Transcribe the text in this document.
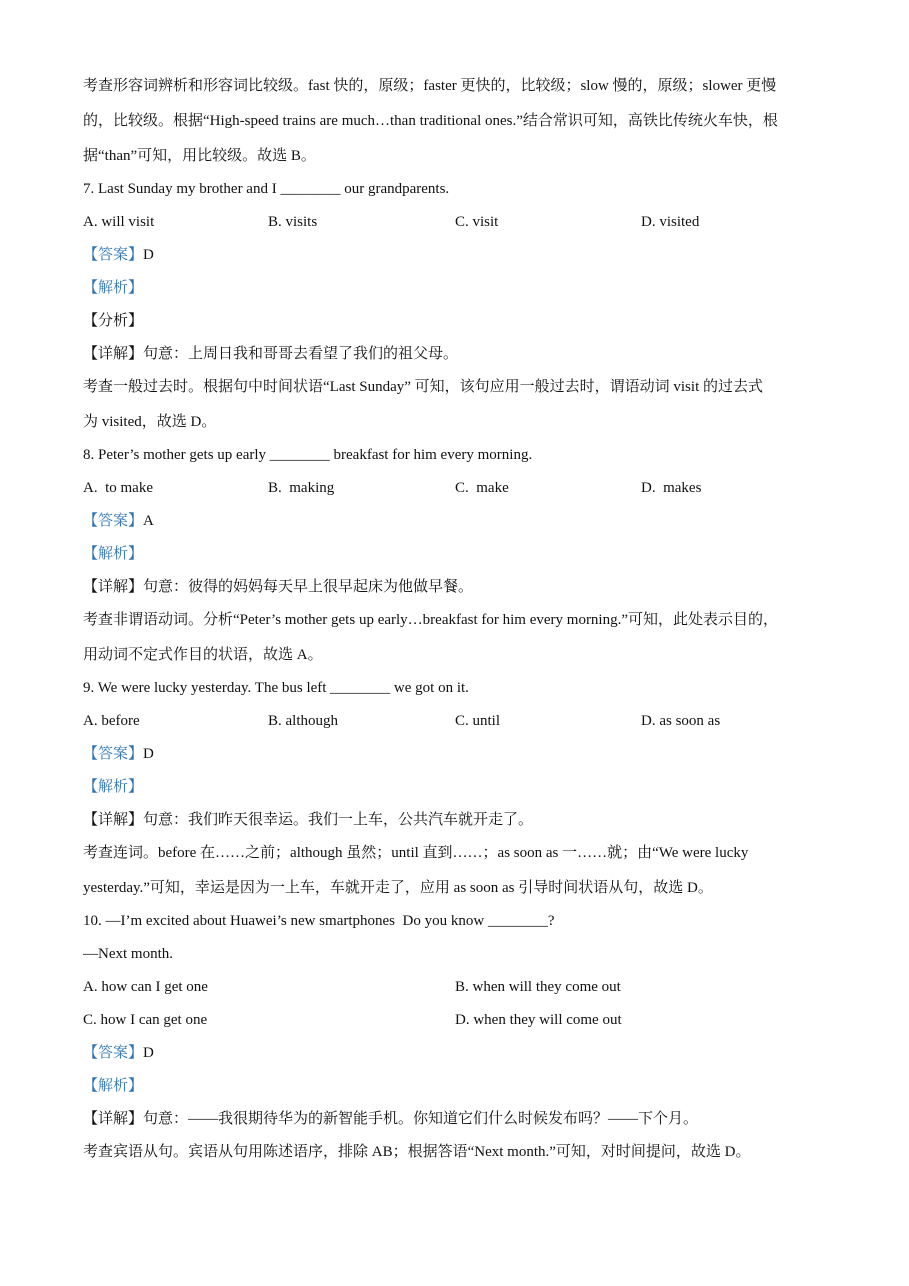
考查形容词辨析和形容词比较级。fast 快的，原级；faster 更快的，比较级；slow 慢的，原级；slower 更慢
的，比较级。根据“High-speed trains are much…than traditional ones.”结合常识可知，高铁比传统火车快，根
据“than”可知，用比较级。故选 B。
7. Last Sunday my brother and I ________ our grandparents.

A. will visit

	B. visits

	C. visit

	D. visited

【答案】D
【解析】
【分析】
【详解】句意：上周日我和哥哥去看望了我们的祖父母。
考查一般过去时。根据句中时间状语“Last Sunday” 可知，该句应用一般过去时，谓语动词 visit 的过去式
为 visited，故选 D。
8. Peter’s mother gets up early ________ breakfast for him every morning.

A.  to make

	B.  making

	C.  make

	D.  makes

【答案】A
【解析】
【详解】句意：彼得的妈妈每天早上很早起床为他做早餐。
考查非谓语动词。分析“Peter’s mother gets up early…breakfast for him every morning.”可知，此处表示目的，
用动词不定式作目的状语，故选 A。
9. We were lucky yesterday. The bus left ________ we got on it.

A. before

	B. although

	C. until

	D. as soon as

【答案】D
【解析】
【详解】句意：我们昨天很幸运。我们一上车，公共汽车就开走了。
考查连词。before 在……之前；although 虽然；until 直到……；as soon as 一……就；由“We were lucky
yesterday.”可知，幸运是因为一上车，车就开走了，应用 as soon as 引导时间状语从句，故选 D。
10. —I’m excited about Huawei’s new smartphones  Do you know ________?
—Next month.

A. how can I get one

	B. when will they come out

C. how I can get one

	D. when they will come out

【答案】D
【解析】
【详解】句意：——我很期待华为的新智能手机。你知道它们什么时候发布吗？——下个月。
考查宾语从句。宾语从句用陈述语序，排除 AB；根据答语“Next month.”可知，对时间提问，故选 D。
